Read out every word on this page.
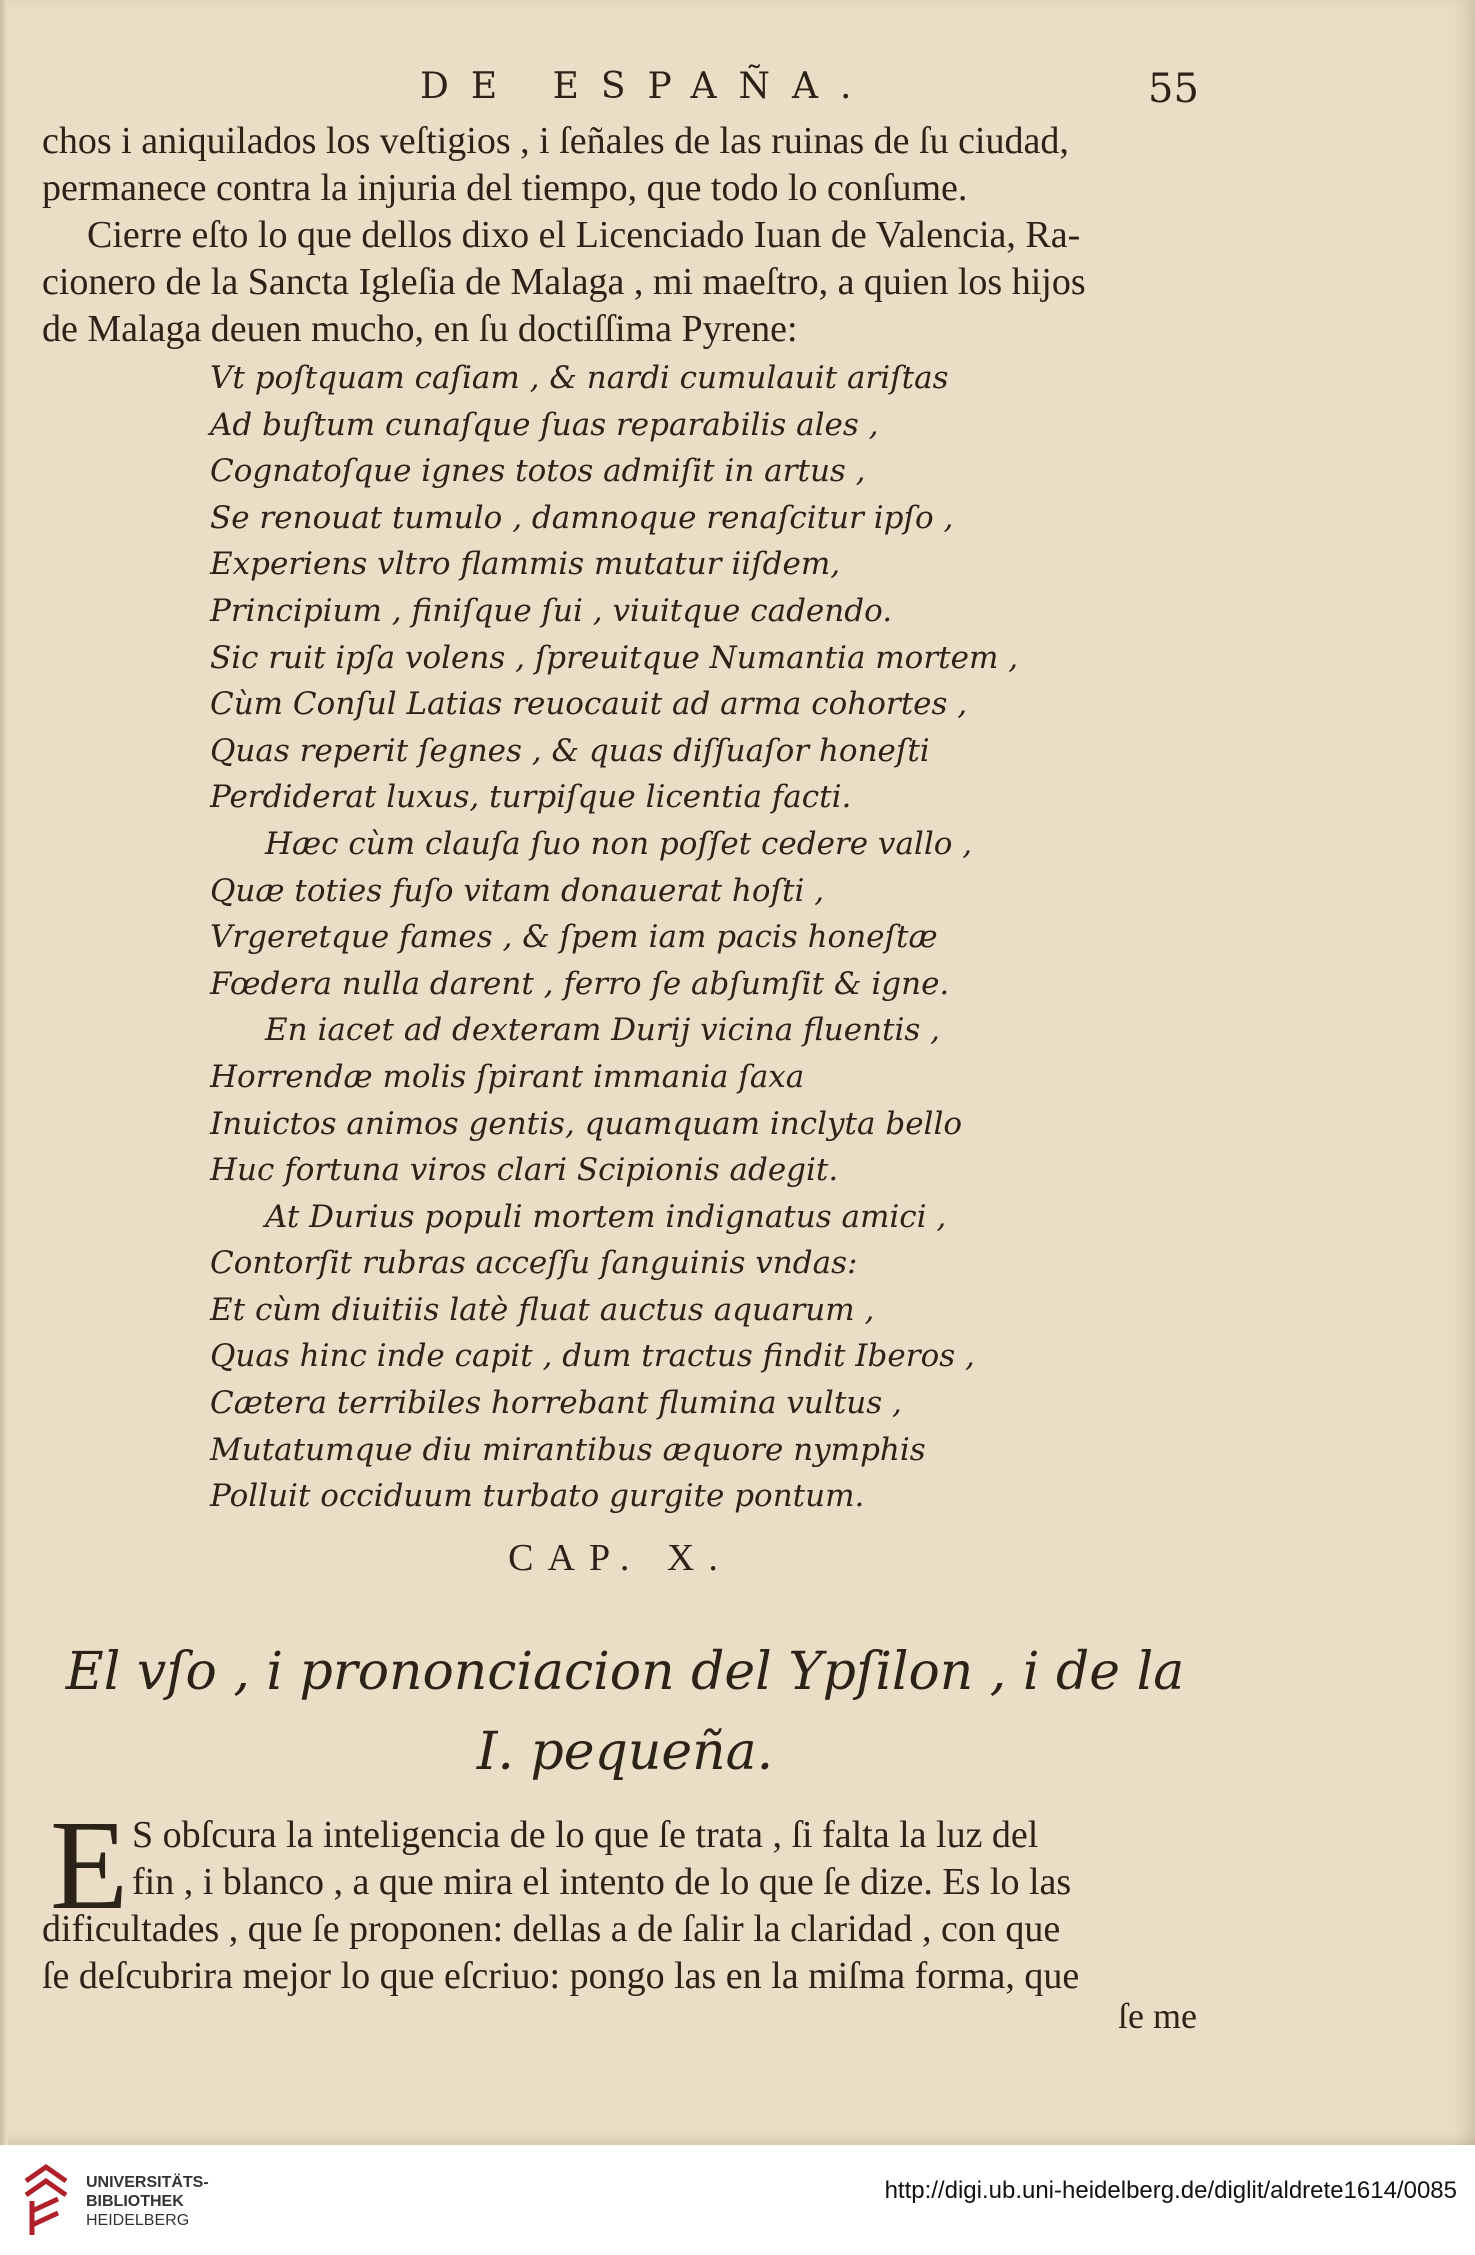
DE ESPAÑA.	55
chos i aniquilados los veſtigios , i ſeñales de las ruinas de ſu ciudad,
permanece contra la injuria del tiempo, que todo lo conſume.
Cierre eſto lo que dellos dixo el Licenciado Iuan de Valencia, Ra-
cionero de la Sancta Igleſia de Malaga , mi maeſtro, a quien los hijos
de Malaga deuen mucho, en ſu doctiſſima Pyrene:
Vt poſtquam caſiam , & nardi cumulauit ariſtas
Ad buſtum cunaſque ſuas reparabilis ales ,
Cognatoſque ignes totos admiſit in artus ,
Se renouat tumulo , damnoque renaſcitur ipſo ,
Experiens vltro flammis mutatur iiſdem,
Principium , finiſque ſui , viuitque cadendo.
Sic ruit ipſa volens , ſpreuitque Numantia mortem ,
Cùm Conſul Latias reuocauit ad arma cohortes ,
Quas reperit ſegnes , & quas diſſuaſor honeſti
Perdiderat luxus, turpiſque licentia facti.
Hæc cùm clauſa ſuo non poſſet cedere vallo ,
Quæ toties fuſo vitam donauerat hoſti ,
Vrgeretque fames , & ſpem iam pacis honeſtæ
Fœdera nulla darent , ferro ſe abſumſit & igne.
En iacet ad dexteram Durij vicina fluentis ,
Horrendæ molis ſpirant immania ſaxa
Inuictos animos gentis, quamquam inclyta bello
Huc fortuna viros clari Scipionis adegit.
At Durius populi mortem indignatus amici ,
Contorſit rubras acceſſu ſanguinis vndas:
Et cùm diuitiis latè fluat auctus aquarum ,
Quas hinc inde capit , dum tractus findit Iberos ,
Cætera terribiles horrebant flumina vultus ,
Mutatumque diu mirantibus æquore nymphis
Polluit occiduum turbato gurgite pontum.
CAP. X.
El vſo , i prononciacion del Ypſilon , i de la
I. pequeña.
E S obſcura la inteligencia de lo que ſe trata , ſi falta la luz del
fin , i blanco , a que mira el intento de lo que ſe dize. Es lo las
dificultades , que ſe proponen: dellas a de ſalir la claridad , con que
ſe deſcubrira mejor lo que eſcriuo: pongo las en la miſma forma, que
ſe me
UNIVERSITÄTS-
BIBLIOTHEK
HEIDELBERG
http://digi.ub.uni-heidelberg.de/diglit/aldrete1614/0085
